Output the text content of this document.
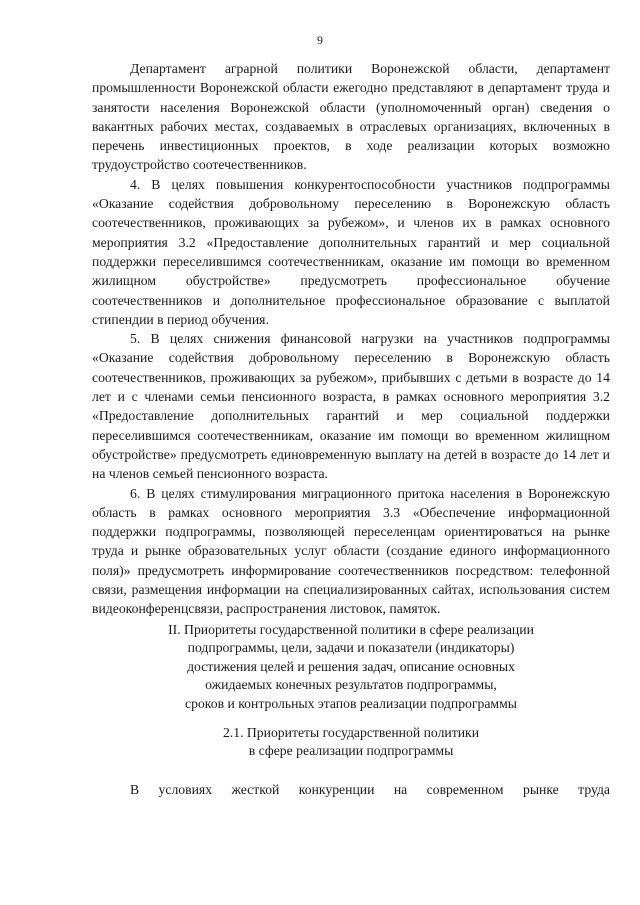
9

Департамент аграрной политики Воронежской области, департамент промышленности Воронежской области ежегодно представляют в департамент труда и занятости населения Воронежской области (уполномоченный орган) сведения о вакантных рабочих местах, создаваемых в отраслевых организациях, включенных в перечень инвестиционных проектов, в ходе реализации которых возможно трудоустройство соотечественников.

4. В целях повышения конкурентоспособности участников подпрограммы «Оказание содействия добровольному переселению в Воронежскую область соотечественников, проживающих за рубежом», и членов их в рамках основного мероприятия 3.2 «Предоставление дополнительных гарантий и мер социальной поддержки переселившимся соотечественникам, оказание им помощи во временном жилищном обустройстве» предусмотреть профессиональное обучение соотечественников и дополнительное профессиональное образование с выплатой стипендии в период обучения.

5. В целях снижения финансовой нагрузки на участников подпрограммы «Оказание содействия добровольному переселению в Воронежскую область соотечественников, проживающих за рубежом», прибывших с детьми в возрасте до 14 лет и с членами семьи пенсионного возраста, в рамках основного мероприятия 3.2 «Предоставление дополнительных гарантий и мер социальной поддержки переселившимся соотечественникам, оказание им помощи во временном жилищном обустройстве» предусмотреть единовременную выплату на детей в возрасте до 14 лет и на членов семьей пенсионного возраста.

6. В целях стимулирования миграционного притока населения в Воронежскую область в рамках основного мероприятия 3.3 «Обеспечение информационной поддержки подпрограммы, позволяющей переселенцам ориентироваться на рынке труда и рынке образовательных услуг области (создание единого информационного поля)» предусмотреть информирование соотечественников посредством: телефонной связи, размещения информации на специализированных сайтах, использования систем видеоконференцсвязи, распространения листовок, памяток.

II. Приоритеты государственной политики в сфере реализации
подпрограммы, цели, задачи и показатели (индикаторы)
достижения целей и решения задач, описание основных
ожидаемых конечных результатов подпрограммы,
сроков и контрольных этапов реализации подпрограммы
2.1. Приоритеты государственной политики
в сфере реализации подпрограммы

В условиях жесткой конкуренции на современном рынке труда
